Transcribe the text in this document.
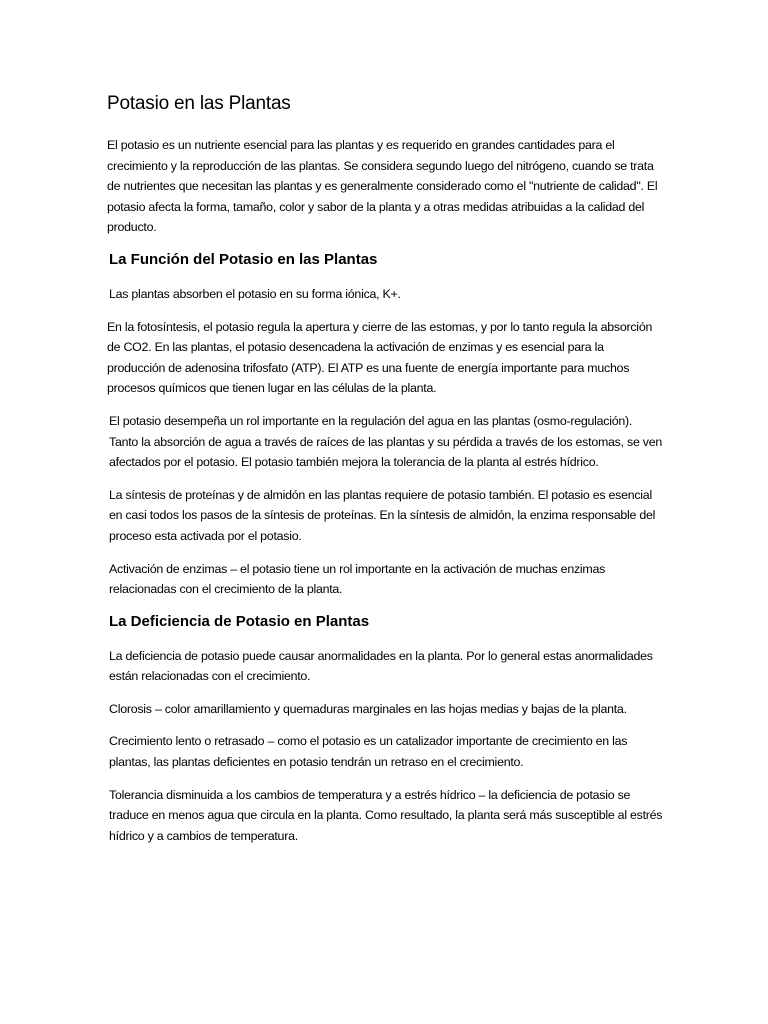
Potasio en las Plantas

El potasio es un nutriente esencial para las plantas y es requerido en grandes cantidades para el crecimiento y la reproducción de las plantas. Se considera segundo luego del nitrógeno, cuando se trata de nutrientes que necesitan las plantas y es generalmente considerado como el "nutriente de calidad". El potasio afecta la forma, tamaño, color y sabor de la planta y a otras medidas atribuidas a la calidad del producto.

La Función del Potasio en las Plantas

Las plantas absorben el potasio en su forma iónica, K+.

En la fotosíntesis, el potasio regula la apertura y cierre de las estomas, y por lo tanto regula la absorción de CO2. En las plantas, el potasio desencadena la activación de enzimas y es esencial para la producción de adenosina trifosfato (ATP). El ATP es una fuente de energía importante para muchos procesos químicos que tienen lugar en las células de la planta.

El potasio desempeña un rol importante en la regulación del agua en las plantas (osmo-regulación). Tanto la absorción de agua a través de raíces de las plantas y su pérdida a través de los estomas, se ven afectados por el potasio. El potasio también mejora la tolerancia de la planta al estrés hídrico.

La síntesis de proteínas y de almidón en las plantas requiere de potasio también. El potasio es esencial en casi todos los pasos de la síntesis de proteínas. En la síntesis de almidón, la enzima responsable del proceso esta activada por el potasio.

Activación de enzimas – el potasio tiene un rol importante en la activación de muchas enzimas relacionadas con el crecimiento de la planta.

La Deficiencia de Potasio en Plantas

La deficiencia de potasio puede causar anormalidades en la planta. Por lo general estas anormalidades están relacionadas con el crecimiento.

Clorosis – color amarillamiento y quemaduras marginales en las hojas medias y bajas de la planta.

Crecimiento lento o retrasado – como el potasio es un catalizador importante de crecimiento en las plantas, las plantas deficientes en potasio tendrán un retraso en el crecimiento.

Tolerancia disminuida a los cambios de temperatura y a estrés hídrico – la deficiencia de potasio se traduce en menos agua que circula en la planta. Como resultado, la planta será más susceptible al estrés hídrico y a cambios de temperatura.
